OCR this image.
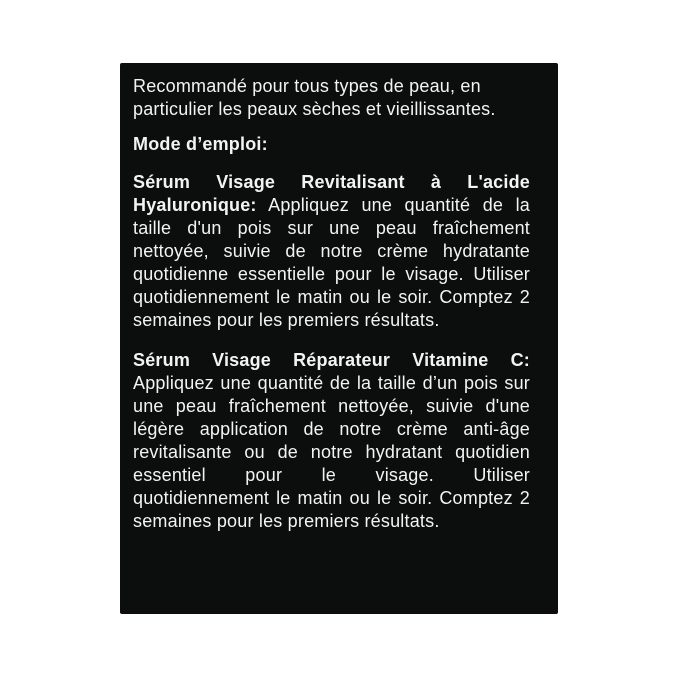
Recommandé pour tous types de peau, en particulier les peaux sèches et vieillissantes.

Mode d’emploi:

Sérum Visage Revitalisant à L'acide Hyaluronique: Appliquez une quantité de la taille d'un pois sur une peau fraîchement nettoyée, suivie de notre crème hydratante quotidienne essentielle pour le visage. Utiliser quotidiennement le matin ou le soir. Comptez 2 semaines pour les premiers résultats.

Sérum Visage Réparateur Vitamine C: Appliquez une quantité de la taille d’un pois sur une peau fraîchement nettoyée, suivie d'une légère application de notre crème anti-âge revitalisante ou de notre hydratant quotidien essentiel pour le visage. Utiliser quotidiennement le matin ou le soir. Comptez 2 semaines pour les premiers résultats.
